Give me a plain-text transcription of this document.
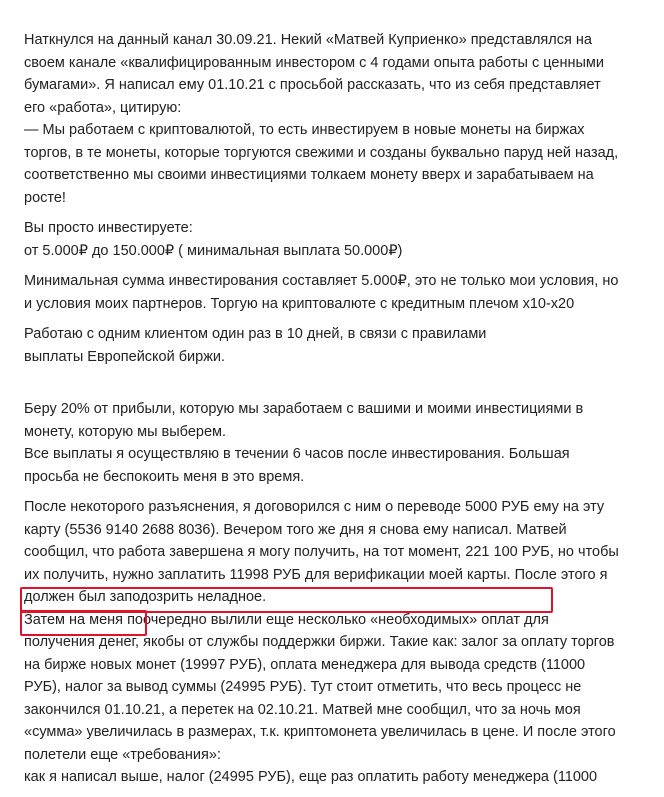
Наткнулся на данный канал 30.09.21. Некий «Матвей Куприенко» представлялся на
своем канале «квалифицированным инвестором с 4 годами опыта работы с ценными
бумагами». Я написал ему 01.10.21 с просьбой рассказать, что из себя представляет
его «работа», цитирую:
— Мы работаем с криптовалютой, то есть инвестируем в новые монеты на биржах
торгов, в те монеты, которые торгуются свежими и созданы буквально паруд ней назад,
соответственно мы своими инвестициями толкаем монету вверх и зарабатываем на
росте!
Вы просто инвестируете:
от 5.000₽ до 150.000₽ ( минимальная выплата 50.000₽)
Минимальная сумма инвестирования составляет 5.000₽, это не только мои условия, но
и условия моих партнеров. Торгую на криптовалюте с кредитным плечом х10-х20
Работаю с одним клиентом один раз в 10 дней, в связи с правилами
выплаты Европейской биржи.
Беру 20% от прибыли, которую мы заработаем с вашими и моими инвестициями в
монету, которую мы выберем.
Все выплаты я осуществляю в течении 6 часов после инвестирования. Большая
просьба не беспокоить меня в это время.
После некоторого разъяснения, я договорился с ним о переводе 5000 РУБ ему на эту
карту (5536 9140 2688 8036). Вечером того же дня я снова ему написал. Матвей
сообщил, что работа завершена я могу получить, на тот момент, 221 100 РУБ, но чтобы
их получить, нужно заплатить 11998 РУБ для верификации моей карты. После этого я
должен был заподозрить неладное.
Затем на меня поочередно вылили еще несколько «необходимых» оплат для
получения денег, якобы от службы поддержки биржи. Такие как: залог за оплату торгов
на бирже новых монет (19997 РУБ), оплата менеджера для вывода средств (11000
РУБ), налог за вывод суммы (24995 РУБ). Тут стоит отметить, что весь процесс не
закончился 01.10.21, а перетек на 02.10.21. Матвей мне сообщил, что за ночь моя
«сумма» увеличилась в размерах, т.к. криптомонета увеличилась в цене. И после этого
полетели еще «требования»:
как я написал выше, налог (24995 РУБ), еще раз оплатить работу менеджера (11000
